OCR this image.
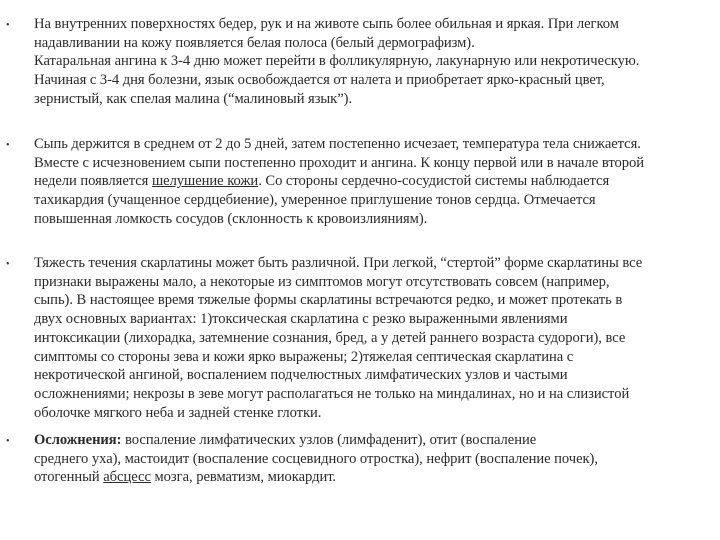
• На внутренних поверхностях бедер, рук и на животе сыпь более обильная и яркая. При легком
надавливании на кожу появляется белая полоса (белый дермографизм).
Катаральная ангина к 3-4 дню может перейти в фолликулярную, лакунарную или некротическую.
Начиная с 3-4 дня болезни, язык освобождается от налета и приобретает ярко-красный цвет,
зернистый, как спелая малина (“малиновый язык”).
• Сыпь держится в среднем от 2 до 5 дней, затем постепенно исчезает, температура тела снижается.
Вместе с исчезновением сыпи постепенно проходит и ангина. К концу первой или в начале второй
недели появляется шелушение кожи. Со стороны сердечно-сосудистой системы наблюдается
тахикардия (учащенное сердцебиение), умеренное приглушение тонов сердца. Отмечается
повышенная ломкость сосудов (склонность к кровоизлияниям).
• Тяжесть течения скарлатины может быть различной. При легкой, “стертой” форме скарлатины все
признаки выражены мало, а некоторые из симптомов могут отсутствовать совсем (например,
сыпь). В настоящее время тяжелые формы скарлатины встречаются редко, и может протекать в
двух основных вариантах: 1)токсическая скарлатина с резко выраженными явлениями
интоксикации (лихорадка, затемнение сознания, бред, а у детей раннего возраста судороги), все
симптомы со стороны зева и кожи ярко выражены; 2)тяжелая септическая скарлатина с
некротической ангиной, воспалением подчелюстных лимфатических узлов и частыми
осложнениями; некрозы в зеве могут располагаться не только на миндалинах, но и на слизистой
оболочке мягкого неба и задней стенке глотки.
• Осложнения: воспаление лимфатических узлов (лимфаденит), отит (воспаление
среднего уха), мастоидит (воспаление сосцевидного отростка), нефрит (воспаление почек),
отогенный абсцесс мозга, ревматизм, миокардит.
